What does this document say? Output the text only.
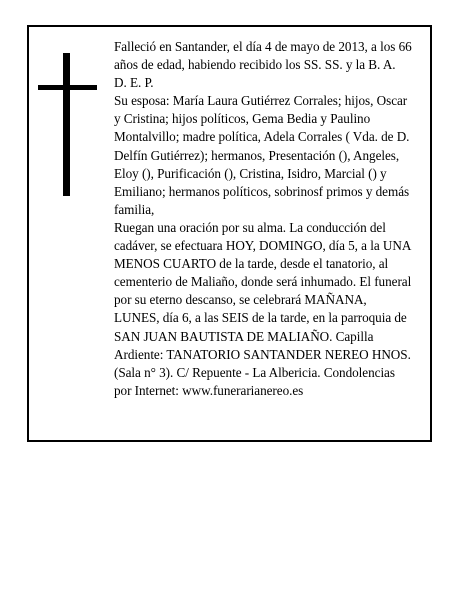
Falleció en Santander, el día 4 de mayo de 2013, a los 66 años de edad, habiendo recibido los SS. SS. y la B. A.

D. E. P.

Su esposa: María Laura Gutiérrez Corrales; hijos, Oscar y Cristina; hijos políticos, Gema Bedia y Paulino Montalvillo; madre política, Adela Corrales ( Vda. de D. Delfín Gutiérrez); hermanos, Presentación (), Angeles, Eloy (), Purificación (), Cristina, Isidro, Marcial () y Emiliano; hermanos políticos, sobrinosf primos y demás familia,

Ruegan una oración por su alma. La conducción del cadáver, se efectuara HOY, DOMINGO, día 5, a la UNA MENOS CUARTO de la tarde, desde el tanatorio, al cementerio de Maliaño, donde será inhumado. El funeral por su eterno descanso, se celebrará MAÑANA, LUNES, día 6, a las SEIS de la tarde, en la parroquia de SAN JUAN BAUTISTA DE MALIAÑO. Capilla Ardiente: TANATORIO SANTANDER NEREO HNOS. (Sala n° 3). C/ Repuente - La Albericia. Condolencias por Internet: www.funerarianereo.es
